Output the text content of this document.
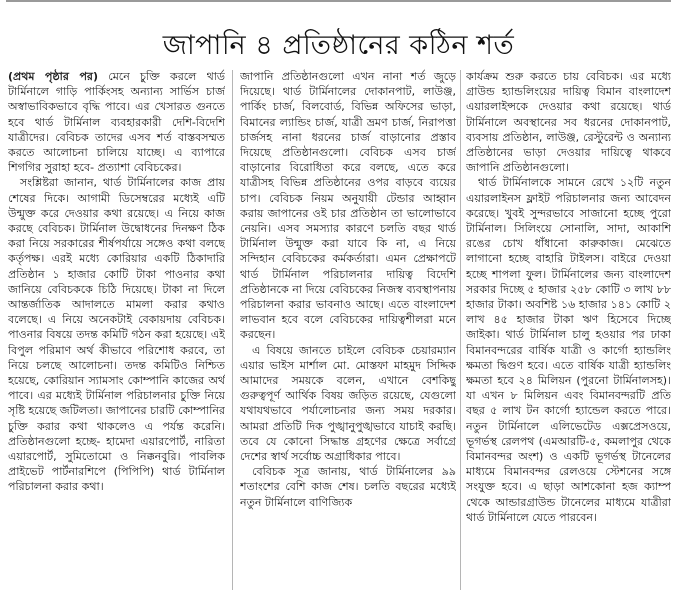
জাপানি ৪ প্রতিষ্ঠানের কঠিন শর্ত

(প্রথম পৃষ্ঠার পর) মেনে চুক্তি করলে থার্ড টার্মিনালে গাড়ি পার্কিংসহ অন্যান্য সার্ভিস চার্জ অস্বাভাবিকভাবে বৃদ্ধি পাবে। এর খেসারত গুনতে হবে থার্ড টার্মিনাল ব্যবহারকারী দেশি-বিদেশি যাত্রীদের। বেবিচক তাদের এসব শর্ত বাস্তবসম্মত করতে আলোচনা চালিয়ে যাচ্ছে। এ ব্যাপারে শিগগির সুরাহা হবে- প্রত্যাশা বেবিচকের।

সংশ্লিষ্টরা জানান, থার্ড টার্মিনালের কাজ প্রায় শেষের দিকে। আগামী ডিসেম্বরের মধ্যেই এটি উন্মুক্ত করে দেওয়ার কথা রয়েছে। এ নিয়ে কাজ করছে বেবিচক। টার্মিনাল উদ্বোধনের দিনক্ষণ ঠিক করা নিয়ে সরকারের শীর্ষপর্যায়ে সঙ্গেও কথা বলছে কর্তৃপক্ষ। এরই মধ্যে কোরিয়ার একটি ঠিকাদারি প্রতিষ্ঠান ১ হাজার কোটি টাকা পাওনার কথা জানিয়ে বেবিচককে চিঠি দিয়েছে। টাকা না দিলে আন্তর্জাতিক আদালতে মামলা করার কথাও বলেছে। এ নিয়ে অনেকটাই বেকায়দায় বেবিচক। পাওনার বিষয়ে তদন্ত কমিটি গঠন করা হয়েছে। এই বিপুল পরিমাণ অর্থ কীভাবে পরিশোধ করবে, তা নিয়ে চলছে আলোচনা। তদন্ত কমিটিও নিশ্চিত হয়েছে, কোরিয়ান স্যামসাং কোম্পানি কাজের অর্থ পাবে। এর মধ্যেই টার্মিনাল পরিচালনার চুক্তি নিয়ে সৃষ্টি হয়েছে জটিলতা। জাপানের চারটি কোম্পানির চুক্তি করার কথা থাকলেও এ পর্যন্ত করেনি। প্রতিষ্ঠানগুলো হচ্ছে- হামেদা এয়ারপোর্ট, নারিতা এয়ারপোর্ট, সুমিতোমো ও নিক্কনবুরি। পাবলিক প্রাইভেট পার্টনারশিপে (পিপিপি) থার্ড টার্মিনাল পরিচালনা করার কথা।

জাপানি প্রতিষ্ঠানগুলো এখন নানা শর্ত জুড়ে দিয়েছে। থার্ড টার্মিনালের দোকানপাট, লাউঞ্জ, পার্কিং চার্জ, বিলবোর্ড, বিভিন্ন অফিসের ভাড়া, বিমানের ল্যান্ডিং চার্জ, যাত্রী ভ্রমণ চার্জ, নিরাপত্তা চার্জসহ নানা ধরনের চার্জ বাড়ানোর প্রস্তাব দিয়েছে প্রতিষ্ঠানগুলো। বেবিচক এসব চার্জ বাড়ানোর বিরোধিতা করে বলছে, এতে করে যাত্রীসহ বিভিন্ন প্রতিষ্ঠানের ওপর বাড়বে ব্যয়ের চাপ। বেবিচক নিয়ম অনুযায়ী টেন্ডার আহ্বান করায় জাপানের ওই চার প্রতিষ্ঠান তা ভালোভাবে নেয়নি। এসব সমস্যার কারণে চলতি বছর থার্ড টার্মিনাল উন্মুক্ত করা যাবে কি না, এ নিয়ে সন্দিহান বেবিচকের কর্মকর্তারা। এমন প্রেক্ষাপটে থার্ড টার্মিনাল পরিচালনার দায়িত্ব বিদেশি প্রতিষ্ঠানকে না দিয়ে বেবিচকের নিজস্ব ব্যবস্থাপনায় পরিচালনা করার ভাবনাও আছে। এতে বাংলাদেশ লাভবান হবে বলে বেবিচকের দায়িত্বশীলরা মনে করছেন।

এ বিষয়ে জানতে চাইলে বেবিচক চেয়ারম্যান এয়ার ভাইস মার্শাল মো. মোস্তফা মাহমুদ সিদ্দিক আমাদের সময়কে বলেন, এখানে বেশকিছু গুরুত্বপূর্ণ আর্থিক বিষয় জড়িত রয়েছে, যেগুলো যথাযথভাবে পর্যালোচনার জন্য সময় দরকার। আমরা প্রতিটি দিক পুঙ্খানুপুঙ্খভাবে যাচাই করছি। তবে যে কোনো সিদ্ধান্ত গ্রহণের ক্ষেত্রে সর্বাগ্রে দেশের স্বার্থ সর্বোচ্চ অগ্রাধিকার পাবে।

বেবিচক সূত্র জানায়, থার্ড টার্মিনালের ৯৯ শতাংশের বেশি কাজ শেষ। চলতি বছরের মধ্যেই নতুন টার্মিনালে বাণিজ্যিক

কার্যক্রম শুরু করতে চায় বেবিচক। এর মধ্যে গ্রাউন্ড হ্যান্ডলিংয়ের দায়িত্ব বিমান বাংলাদেশ এয়ারলাইন্সকে দেওয়ার কথা রয়েছে। থার্ড টার্মিনালে অবস্থানের সব ধরনের দোকানপাট, ব্যবসায় প্রতিষ্ঠান, লাউঞ্জ, রেস্টুরেন্ট ও অন্যান্য প্রতিষ্ঠানের ভাড়া দেওয়ার দায়িত্বে থাকবে জাপানি প্রতিষ্ঠানগুলো।

থার্ড টার্মিনালকে সামনে রেখে ১২টি নতুন এয়ারলাইনস ফ্লাইট পরিচালনার জন্য আবেদন করেছে। খুবই সুন্দরভাবে সাজানো হচ্ছে পুরো টার্মিনাল। সিলিংয়ে সোনালি, সাদা, আকাশি রঙের চোখ ধাঁধানো কারুকাজ। মেঝেতে লাগানো হচ্ছে বাহারি টাইলস। বাইরে দেওয়া হচ্ছে শাপলা ফুল। টার্মিনালের জন্য বাংলাদেশ সরকার দিচ্ছে ৫ হাজার ২৫৮ কোটি ৩ লাখ ৮৮ হাজার টাকা। অবশিষ্ট ১৬ হাজার ১৪১ কোটি ২ লাখ ৪৫ হাজার টাকা ঋণ হিসেবে দিচ্ছে জাইকা। থার্ড টার্মিনাল চালু হওয়ার পর ঢাকা বিমানবন্দরের বার্ষিক যাত্রী ও কার্গো হ্যান্ডলিং ক্ষমতা দ্বিগুণ হবে। এতে বার্ষিক যাত্রী হ্যান্ডলিং ক্ষমতা হবে ২৪ মিলিয়ন (পুরনো টার্মিনালসহ)। যা এখন ৮ মিলিয়ন এবং বিমানবন্দরটি প্রতি বছর ৫ লাখ টন কার্গো হ্যান্ডেল করতে পারে। নতুন টার্মিনালে এলিভেটেড এক্সপ্রেসওয়ে, ভূগর্ভস্থ রেলপথ (এমআরটি-৫, কমলাপুর থেকে বিমানবন্দর অংশ) ও একটি ভূগর্ভস্থ টানেলের মাধ্যমে বিমানবন্দর রেলওয়ে স্টেশনের সঙ্গে সংযুক্ত হবে। এ ছাড়া আশকোনা হজ ক্যাম্প থেকে আন্ডারগ্রাউন্ড টানেলের মাধ্যমে যাত্রীরা থার্ড টার্মিনালে যেতে পারবেন।
